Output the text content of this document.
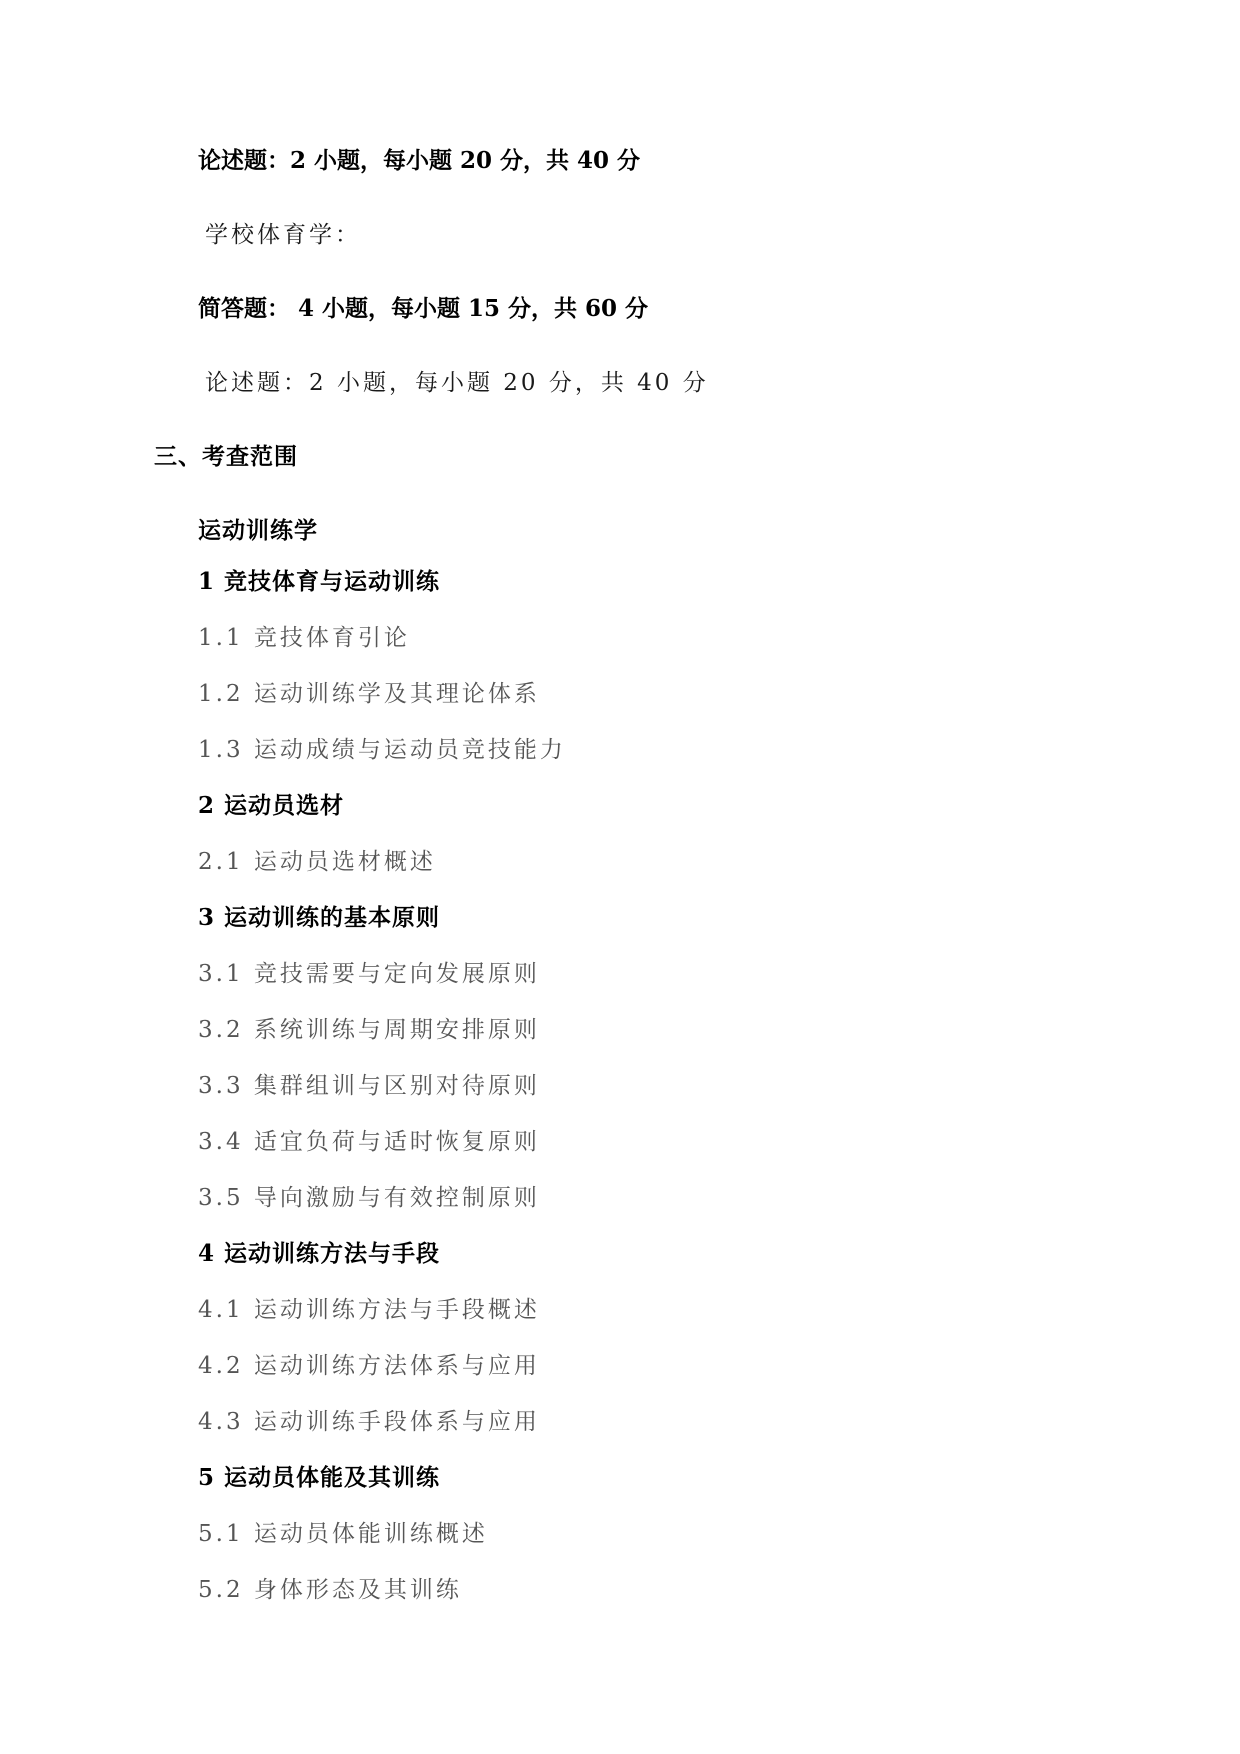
论述题：2 小题，每小题 20 分，共 40 分
学校体育学：
简答题： 4 小题，每小题 15 分，共 60 分
论述题：2 小题，每小题 20 分，共 40 分
三、考查范围
运动训练学
1 竞技体育与运动训练
1.1 竞技体育引论
1.2 运动训练学及其理论体系
1.3 运动成绩与运动员竞技能力
2 运动员选材
2.1 运动员选材概述
3 运动训练的基本原则
3.1 竞技需要与定向发展原则
3.2 系统训练与周期安排原则
3.3 集群组训与区别对待原则
3.4 适宜负荷与适时恢复原则
3.5 导向激励与有效控制原则
4 运动训练方法与手段
4.1 运动训练方法与手段概述
4.2 运动训练方法体系与应用
4.3 运动训练手段体系与应用
5 运动员体能及其训练
5.1 运动员体能训练概述
5.2 身体形态及其训练
